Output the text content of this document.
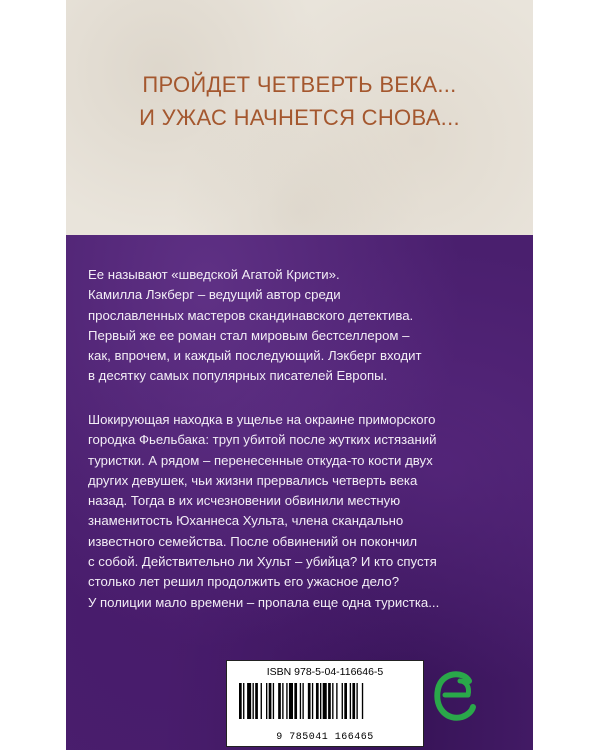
ПРОЙДЕТ ЧЕТВЕРТЬ ВЕКА...
И УЖАС НАЧНЕТСЯ СНОВА...
Ее называют «шведской Агатой Кристи».
Камилла Лэкберг – ведущий автор среди
прославленных мастеров скандинавского детектива.
Первый же ее роман стал мировым бестселлером –
как, впрочем, и каждый последующий. Лэкберг входит
в десятку самых популярных писателей Европы.
Шокирующая находка в ущелье на окраине приморского
городка Фьельбака: труп убитой после жутких истязаний
туристки. А рядом – перенесенные откуда-то кости двух
других девушек, чьи жизни прервались четверть века
назад. Тогда в их исчезновении обвинили местную
знаменитость Юханнеса Хульта, члена скандально
известного семейства. После обвинений он покончил
с собой. Действительно ли Хульт – убийца? И кто спустя
столько лет решил продолжить его ужасное дело?
У полиции мало времени – пропала еще одна туристка...
ISBN 978-5-04-116646-5
9 785041 166465
